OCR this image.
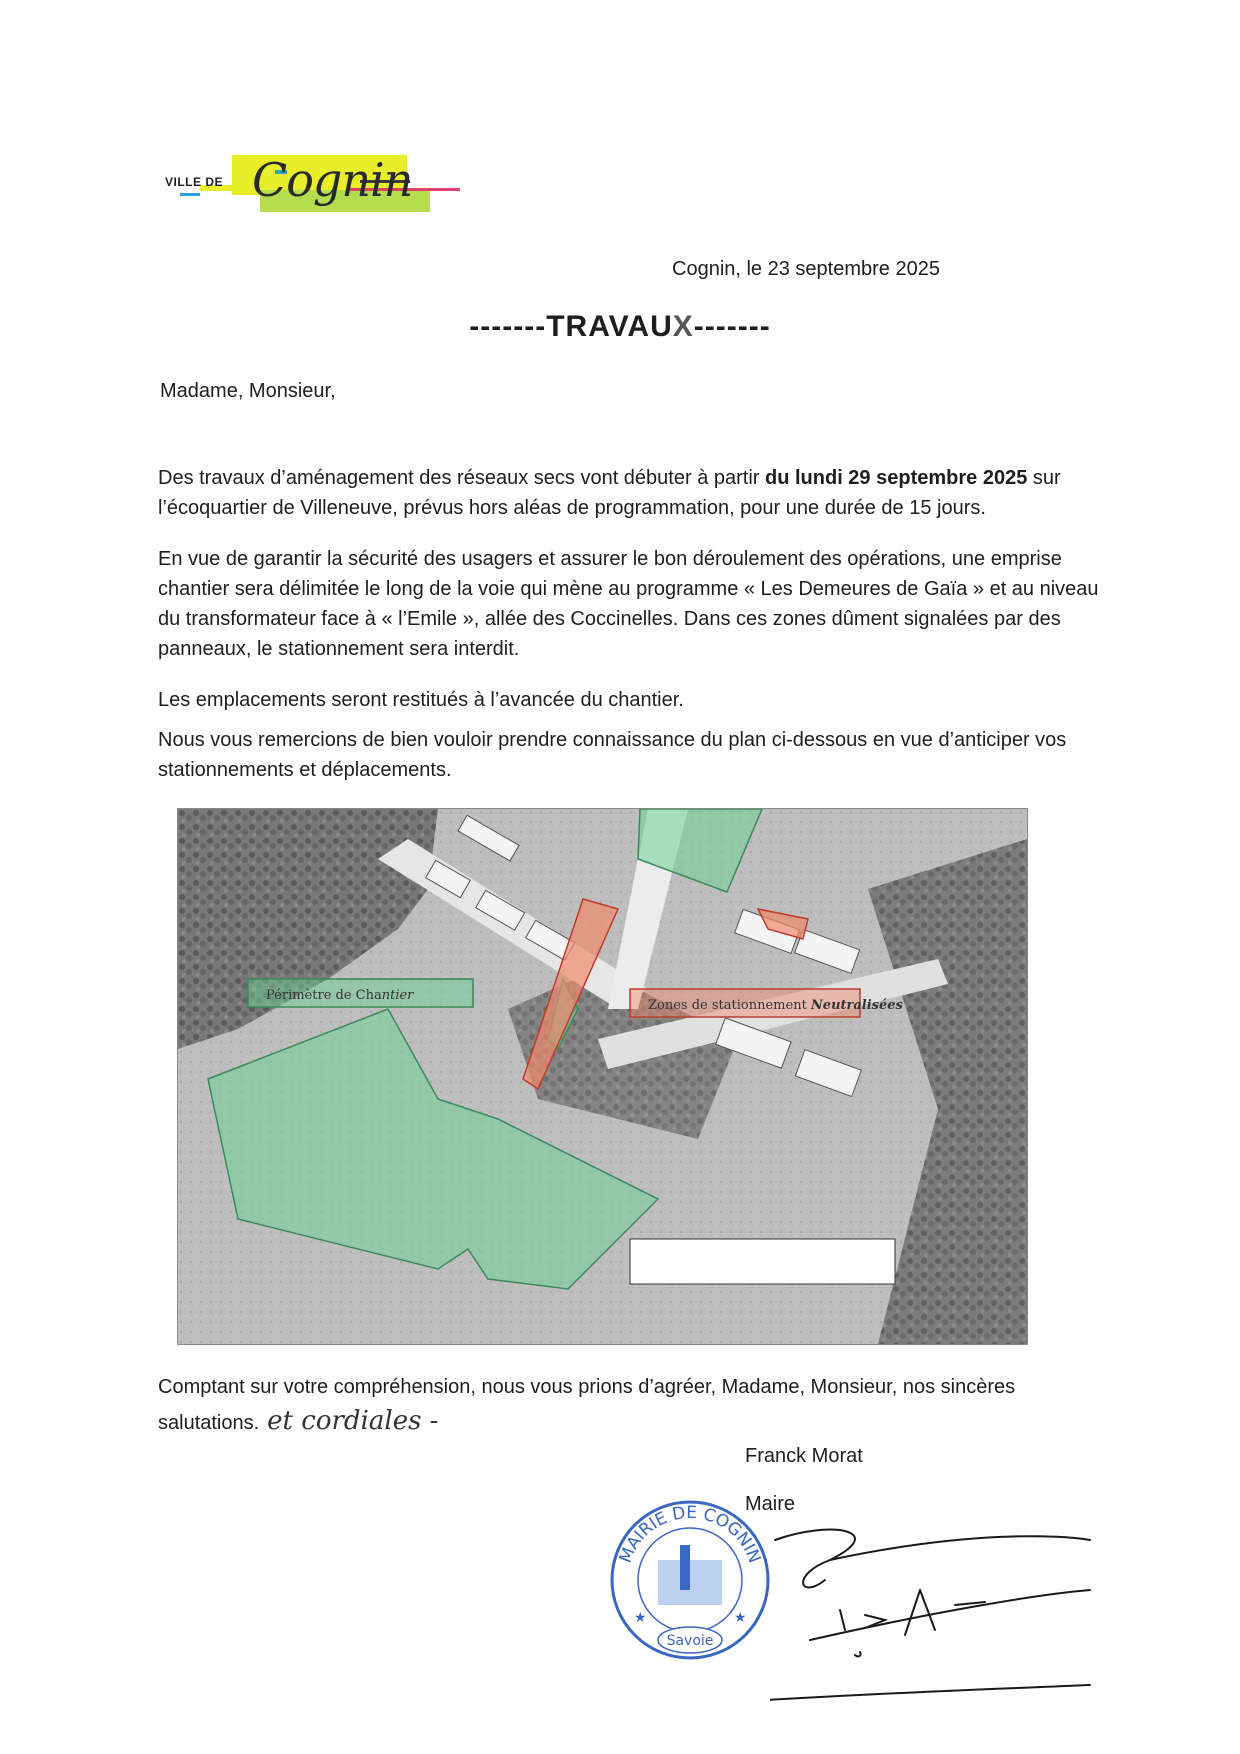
VILLE DE Cognin
Cognin, le 23 septembre 2025
-------TRAVAUX-------
Madame, Monsieur,
Des travaux d’aménagement des réseaux secs vont débuter à partir du lundi 29 septembre 2025 sur l’écoquartier de Villeneuve, prévus hors aléas de programmation, pour une durée de 15 jours.
En vue de garantir la sécurité des usagers et assurer le bon déroulement des opérations, une emprise chantier sera délimitée le long de la voie qui mène au programme « Les Demeures de Gaïa » et au niveau du transformateur face à « l’Emile », allée des Coccinelles. Dans ces zones dûment signalées par des panneaux, le stationnement sera interdit.
Les emplacements seront restitués à l’avancée du chantier.
Nous vous remercions de bien vouloir prendre connaissance du plan ci-dessous en vue d’anticiper vos stationnements et déplacements.
Périmètre de Chantier
Zones de stationnement Neutralisées
Comptant sur votre compréhension, nous vous prions d’agréer, Madame, Monsieur, nos sincères salutations. et cordiales -
Franck Morat
Maire
MAIRIE DE COGNIN
★	★
Savoie
